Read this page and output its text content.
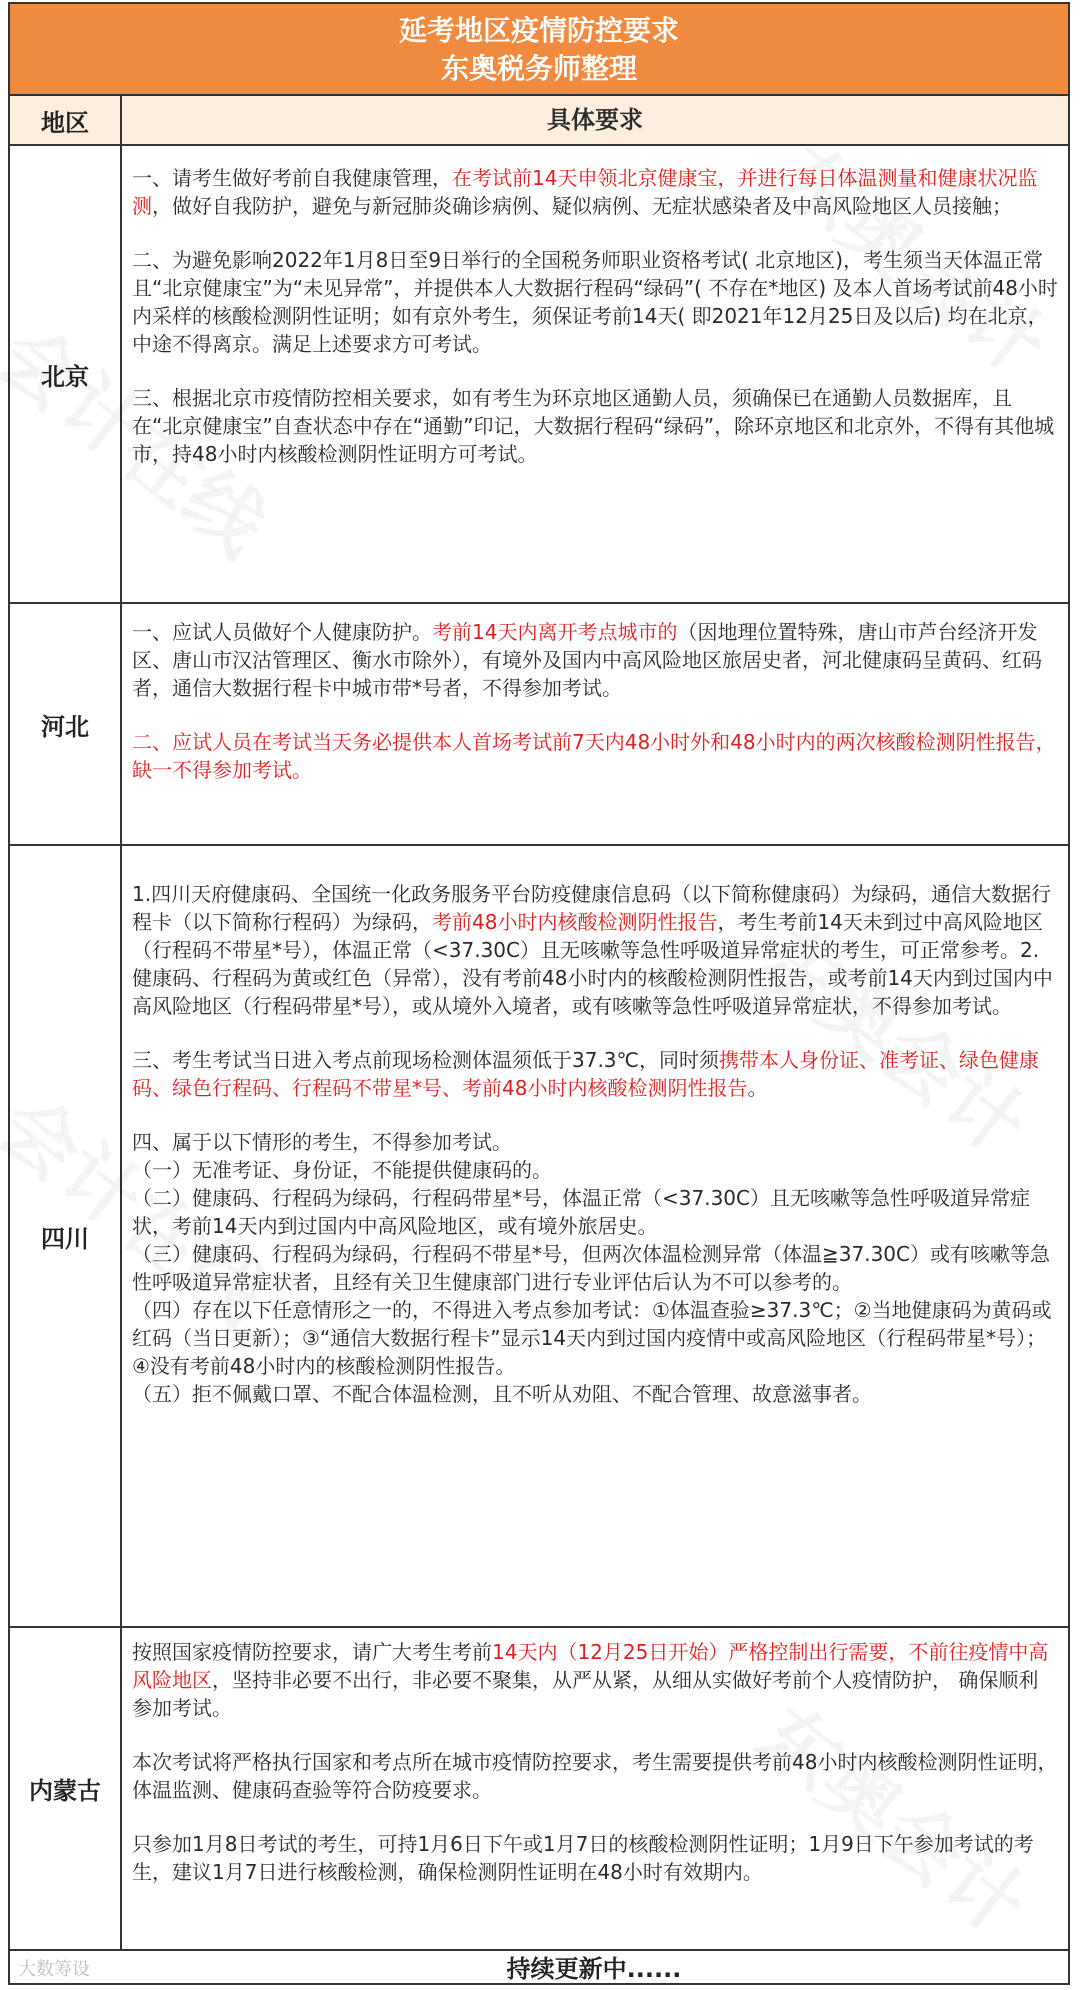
延考地区疫情防控要求
东奥税务师整理
地区	具体要求
北京

一、请考生做好考前自我健康管理，在考试前14天申领北京健康宝，并进行每日体温测量和健康状况监测，做好自我防护，避免与新冠肺炎确诊病例、疑似病例、无症状感染者及中高风险地区人员接触；

二、为避免影响2022年1月8日至9日举行的全国税务师职业资格考试( 北京地区)，考生须当天体温正常且“北京健康宝”为“未见异常”，并提供本人大数据行程码“绿码”( 不存在*地区) 及本人首场考试前48小时内采样的核酸检测阴性证明；如有京外考生，须保证考前14天( 即2021年12月25日及以后) 均在北京，中途不得离京。满足上述要求方可考试。

三、根据北京市疫情防控相关要求，如有考生为环京地区通勤人员，须确保已在通勤人员数据库，且在“北京健康宝”自查状态中存在“通勤”印记，大数据行程码“绿码”，除环京地区和北京外，不得有其他城市，持48小时内核酸检测阴性证明方可考试。

河北

一、应试人员做好个人健康防护。考前14天内离开考点城市的（因地理位置特殊，唐山市芦台经济开发区、唐山市汉沽管理区、衡水市除外），有境外及国内中高风险地区旅居史者，河北健康码呈黄码、红码者，通信大数据行程卡中城市带*号者，不得参加考试。

二、应试人员在考试当天务必提供本人首场考试前7天内48小时外和48小时内的两次核酸检测阴性报告，缺一不得参加考试。

四川

1.四川天府健康码、全国统一化政务服务平台防疫健康信息码（以下简称健康码）为绿码，通信大数据行程卡（以下简称行程码）为绿码，考前48小时内核酸检测阴性报告，考生考前14天未到过中高风险地区（行程码不带星*号），体温正常（<37.30C）且无咳嗽等急性呼吸道异常症状的考生，可正常参考。2.健康码、行程码为黄或红色（异常），没有考前48小时内的核酸检测阴性报告，或考前14天内到过国内中高风险地区（行程码带星*号），或从境外入境者，或有咳嗽等急性呼吸道异常症状，不得参加考试。

三、考生考试当日进入考点前现场检测体温须低于37.3℃，同时须携带本人身份证、准考证、绿色健康码、绿色行程码、行程码不带星*号、考前48小时内核酸检测阴性报告。

四、属于以下情形的考生，不得参加考试。

（一）无准考证、身份证，不能提供健康码的。

（二）健康码、行程码为绿码，行程码带星*号，体温正常（<37.30C）且无咳嗽等急性呼吸道异常症状，考前14天内到过国内中高风险地区，或有境外旅居史。

（三）健康码、行程码为绿码，行程码不带星*号，但两次体温检测异常（体温≧37.30C）或有咳嗽等急性呼吸道异常症状者，且经有关卫生健康部门进行专业评估后认为不可以参考的。

（四）存在以下任意情形之一的，不得进入考点参加考试：①体温查验≥37.3℃；②当地健康码为黄码或红码（当日更新）；③“通信大数据行程卡”显示14天内到过国内疫情中或高风险地区（行程码带星*号）；④没有考前48小时内的核酸检测阴性报告。

（五）拒不佩戴口罩、不配合体温检测，且不听从劝阻、不配合管理、故意滋事者。

内蒙古

按照国家疫情防控要求，请广大考生考前14天内（12月25日开始）严格控制出行需要，不前往疫情中高风险地区，坚持非必要不出行，非必要不聚集，从严从紧，从细从实做好考前个人疫情防护， 确保顺利参加考试。

本次考试将严格执行国家和考点所在城市疫情防控要求，考生需要提供考前48小时内核酸检测阴性证明，体温监测、健康码查验等符合防疫要求。

只参加1月8日考试的考生，可持1月6日下午或1月7日的核酸检测阴性证明；1月9日下午参加考试的考生，建议1月7日进行核酸检测，确保检测阴性证明在48小时有效期内。

大数筹设	持续更新中......
